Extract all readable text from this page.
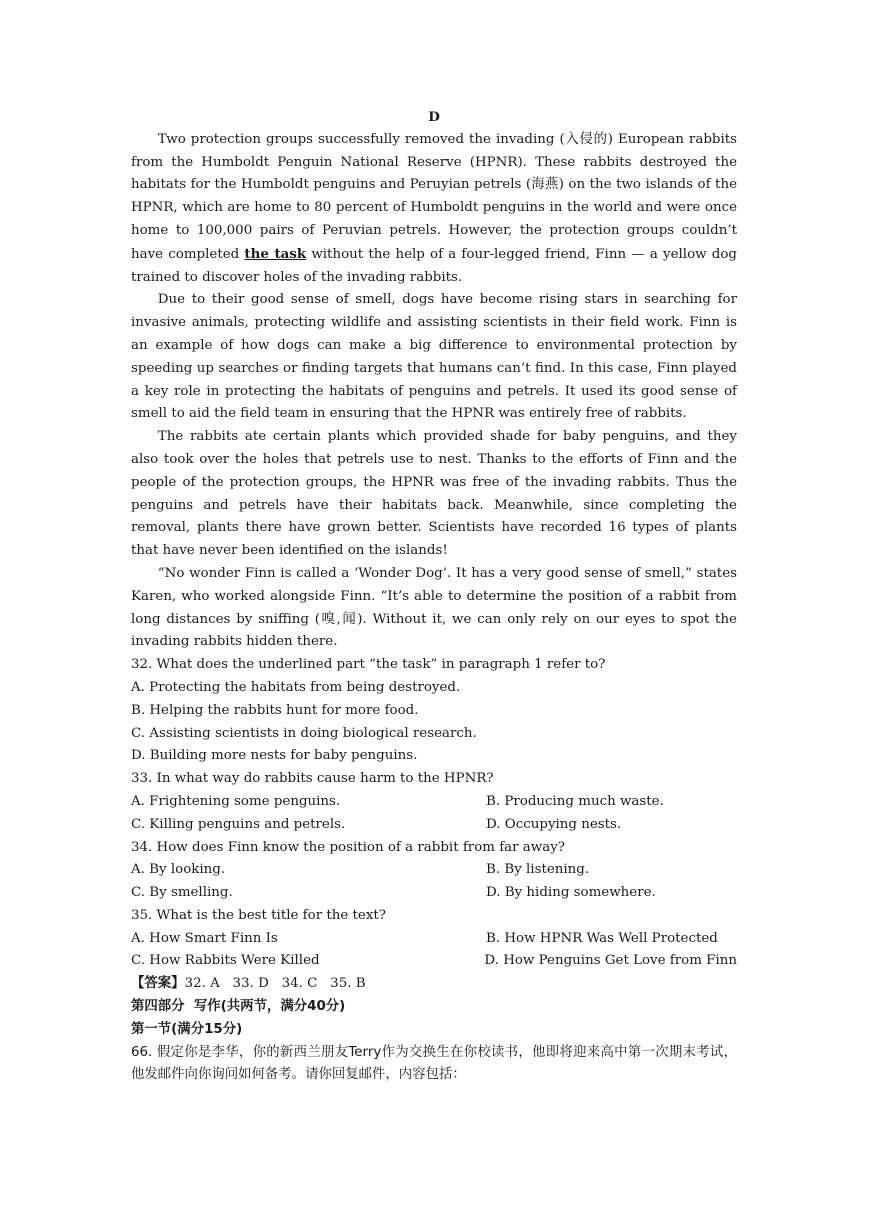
D

Two protection groups successfully removed the invading (入侵的) European rabbits from the Humboldt Penguin National Reserve (HPNR). These rabbits destroyed the habitats for the Humboldt penguins and Peruyian petrels (海燕) on the two islands of the HPNR, which are home to 80 percent of Humboldt penguins in the world and were once home to 100,000 pairs of Peruvian petrels. However, the protection groups couldn’t have completed the task without the help of a four-legged friend, Finn — a yellow dog trained to discover holes of the invading rabbits.

Due to their good sense of smell, dogs have become rising stars in searching for invasive animals, protecting wildlife and assisting scientists in their field work. Finn is an example of how dogs can make a big difference to environmental protection by speeding up searches or finding targets that humans can’t find. In this case, Finn played a key role in protecting the habitats of penguins and petrels. It used its good sense of smell to aid the field team in ensuring that the HPNR was entirely free of rabbits.

The rabbits ate certain plants which provided shade for baby penguins, and they also took over the holes that petrels use to nest. Thanks to the efforts of Finn and the people of the protection groups, the HPNR was free of the invading rabbits. Thus the penguins and petrels have their habitats back. Meanwhile, since completing the removal, plants there have grown better. Scientists have recorded 16 types of plants that have never been identified on the islands!

“No wonder Finn is called a ‘Wonder Dog’. It has a very good sense of smell,” states Karen, who worked alongside Finn. “It’s able to determine the position of a rabbit from long distances by sniffing (嗅,闻). Without it, we can only rely on our eyes to spot the invading rabbits hidden there.

32. What does the underlined part “the task” in paragraph 1 refer to?

A. Protecting the habitats from being destroyed.

B. Helping the rabbits hunt for more food.

C. Assisting scientists in doing biological research.

D. Building more nests for baby penguins.

33. In what way do rabbits cause harm to the HPNR?

A. Frightening some penguins.	B. Producing much waste.
C. Killing penguins and petrels.	D. Occupying nests.

34. How does Finn know the position of a rabbit from far away?

A. By looking.	B. By listening.
C. By smelling.	D. By hiding somewhere.

35. What is the best title for the text?

A. How Smart Finn Is	B. How HPNR Was Well Protected
C. How Rabbits Were Killed	D. How Penguins Get Love from Finn

【答案】32. A   33. D   34. C   35. B

第四部分  写作(共两节，满分40分)

第一节(满分15分)

66. 假定你是李华，你的新西兰朋友Terry作为交换生在你校读书，他即将迎来高中第一次期末考试，他发邮件向你询问如何备考。请你回复邮件，内容包括：
